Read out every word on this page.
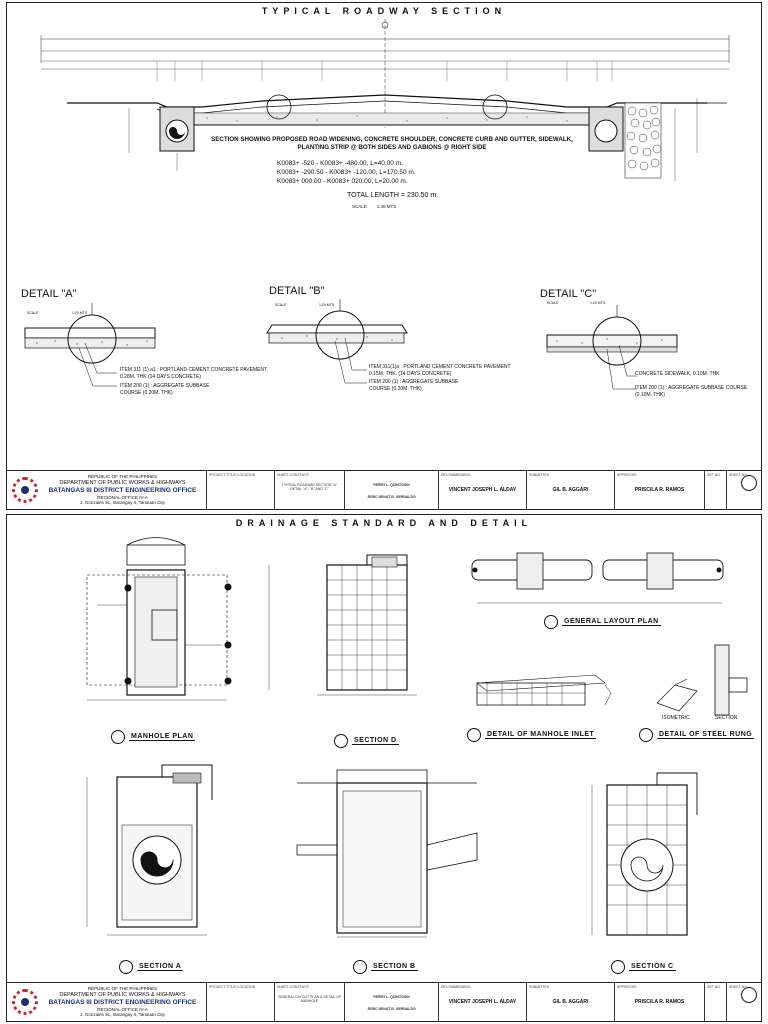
TYPICAL ROADWAY SECTION
SCALE	1:20 MTS.
SCALE	1:20 MTS.	SCALE	1:20 MTS.
SECTION SHOWING PROPOSED ROAD WIDENING, CONCRETE SHOULDER, CONCRETE CURB AND GUTTER, SIDEWALK, PLANTING STRIP @ BOTH SIDES AND GABIONS @ RIGHT SIDE
K0083+ -520 - K0083+ -480.00, L=40.00 m.
K0083+ -290.50 - K0083+ -120.00, L=170.50 m.
K0083+ 000.00 - K0083+ 020.00, L=20.00 m.
TOTAL LENGTH = 230.50 m.
SCALE 1:40 MTS
DETAIL "A"	DETAIL "B"	DETAIL "C"
ITEM 311 (1) a1 : PORTLAND CEMENT CONCRETE PAVEMENT 0.28M. THK (14 DAYS CONCRETE)
ITEM 200 (1) : AGGREGATE SUBBASE COURSE (0.20M. THK)
ITEM 311(1)a : PORTLAND CEMENT CONCRETE PAVEMENT 0.15M. THK. (14 DAYS CONCRETE)
ITEM 200 (1) : AGGREGATE SUBBASE COURSE (0.20M. THK)
CONCRETE SIDEWALK, 0.10M. THK
ITEM 200 (1) : AGGREGATE SUBBASE COURSE (0.10M. THK)
REPUBLIC OF THE PHILIPPINES
DEPARTMENT OF PUBLIC WORKS & HIGHWAYS
BATANGAS III DISTRICT ENGINEERING OFFICE
REGIONAL OFFICE IV-A
J. Gonzales St., Barangay 4, Tanauan City
PROJECT TITLE/ LOCATION	SHEET CONTENTS
TYPICAL ROADWAY SECTION "A" DETAIL "A", "B" AND "C"
PERRY L. QUINTOSIN
JERIC RENAT B. GERNALDO
RECOMMENDING
VINCENT JOSEPH L. ALDAY
SUBMITTED
GIL B. AGGARI
APPROVED
PRISCILA R. RAMOS
SET NO.	SHEET NO.
DRAINAGE STANDARD AND DETAIL
MANHOLE PLAN
SECTION D
GENERAL LAYOUT PLAN
DETAIL OF MANHOLE INLET	DETAIL OF STEEL RUNG
SECTION A	SECTION B	SECTION C
ISOMETRIC	SECTION
REPUBLIC OF THE PHILIPPINES
DEPARTMENT OF PUBLIC WORKS & HIGHWAYS
BATANGAS III DISTRICT ENGINEERING OFFICE
REGIONAL OFFICE IV-A
J. Gonzales St., Barangay 4, Tanauan City
PROJECT TITLE/ LOCATION	SHEET CONTENTS
GENERAL LAYOUT PLAN & DETAIL OF MANHOLE
PERRY L. QUINTOSIN
JERIC RENAT B. GERNALDO
RECOMMENDING
VINCENT JOSEPH L. ALDAY
SUBMITTED
GIL B. AGGARI
APPROVED
PRISCILA R. RAMOS
SET NO.	SHEET NO.
